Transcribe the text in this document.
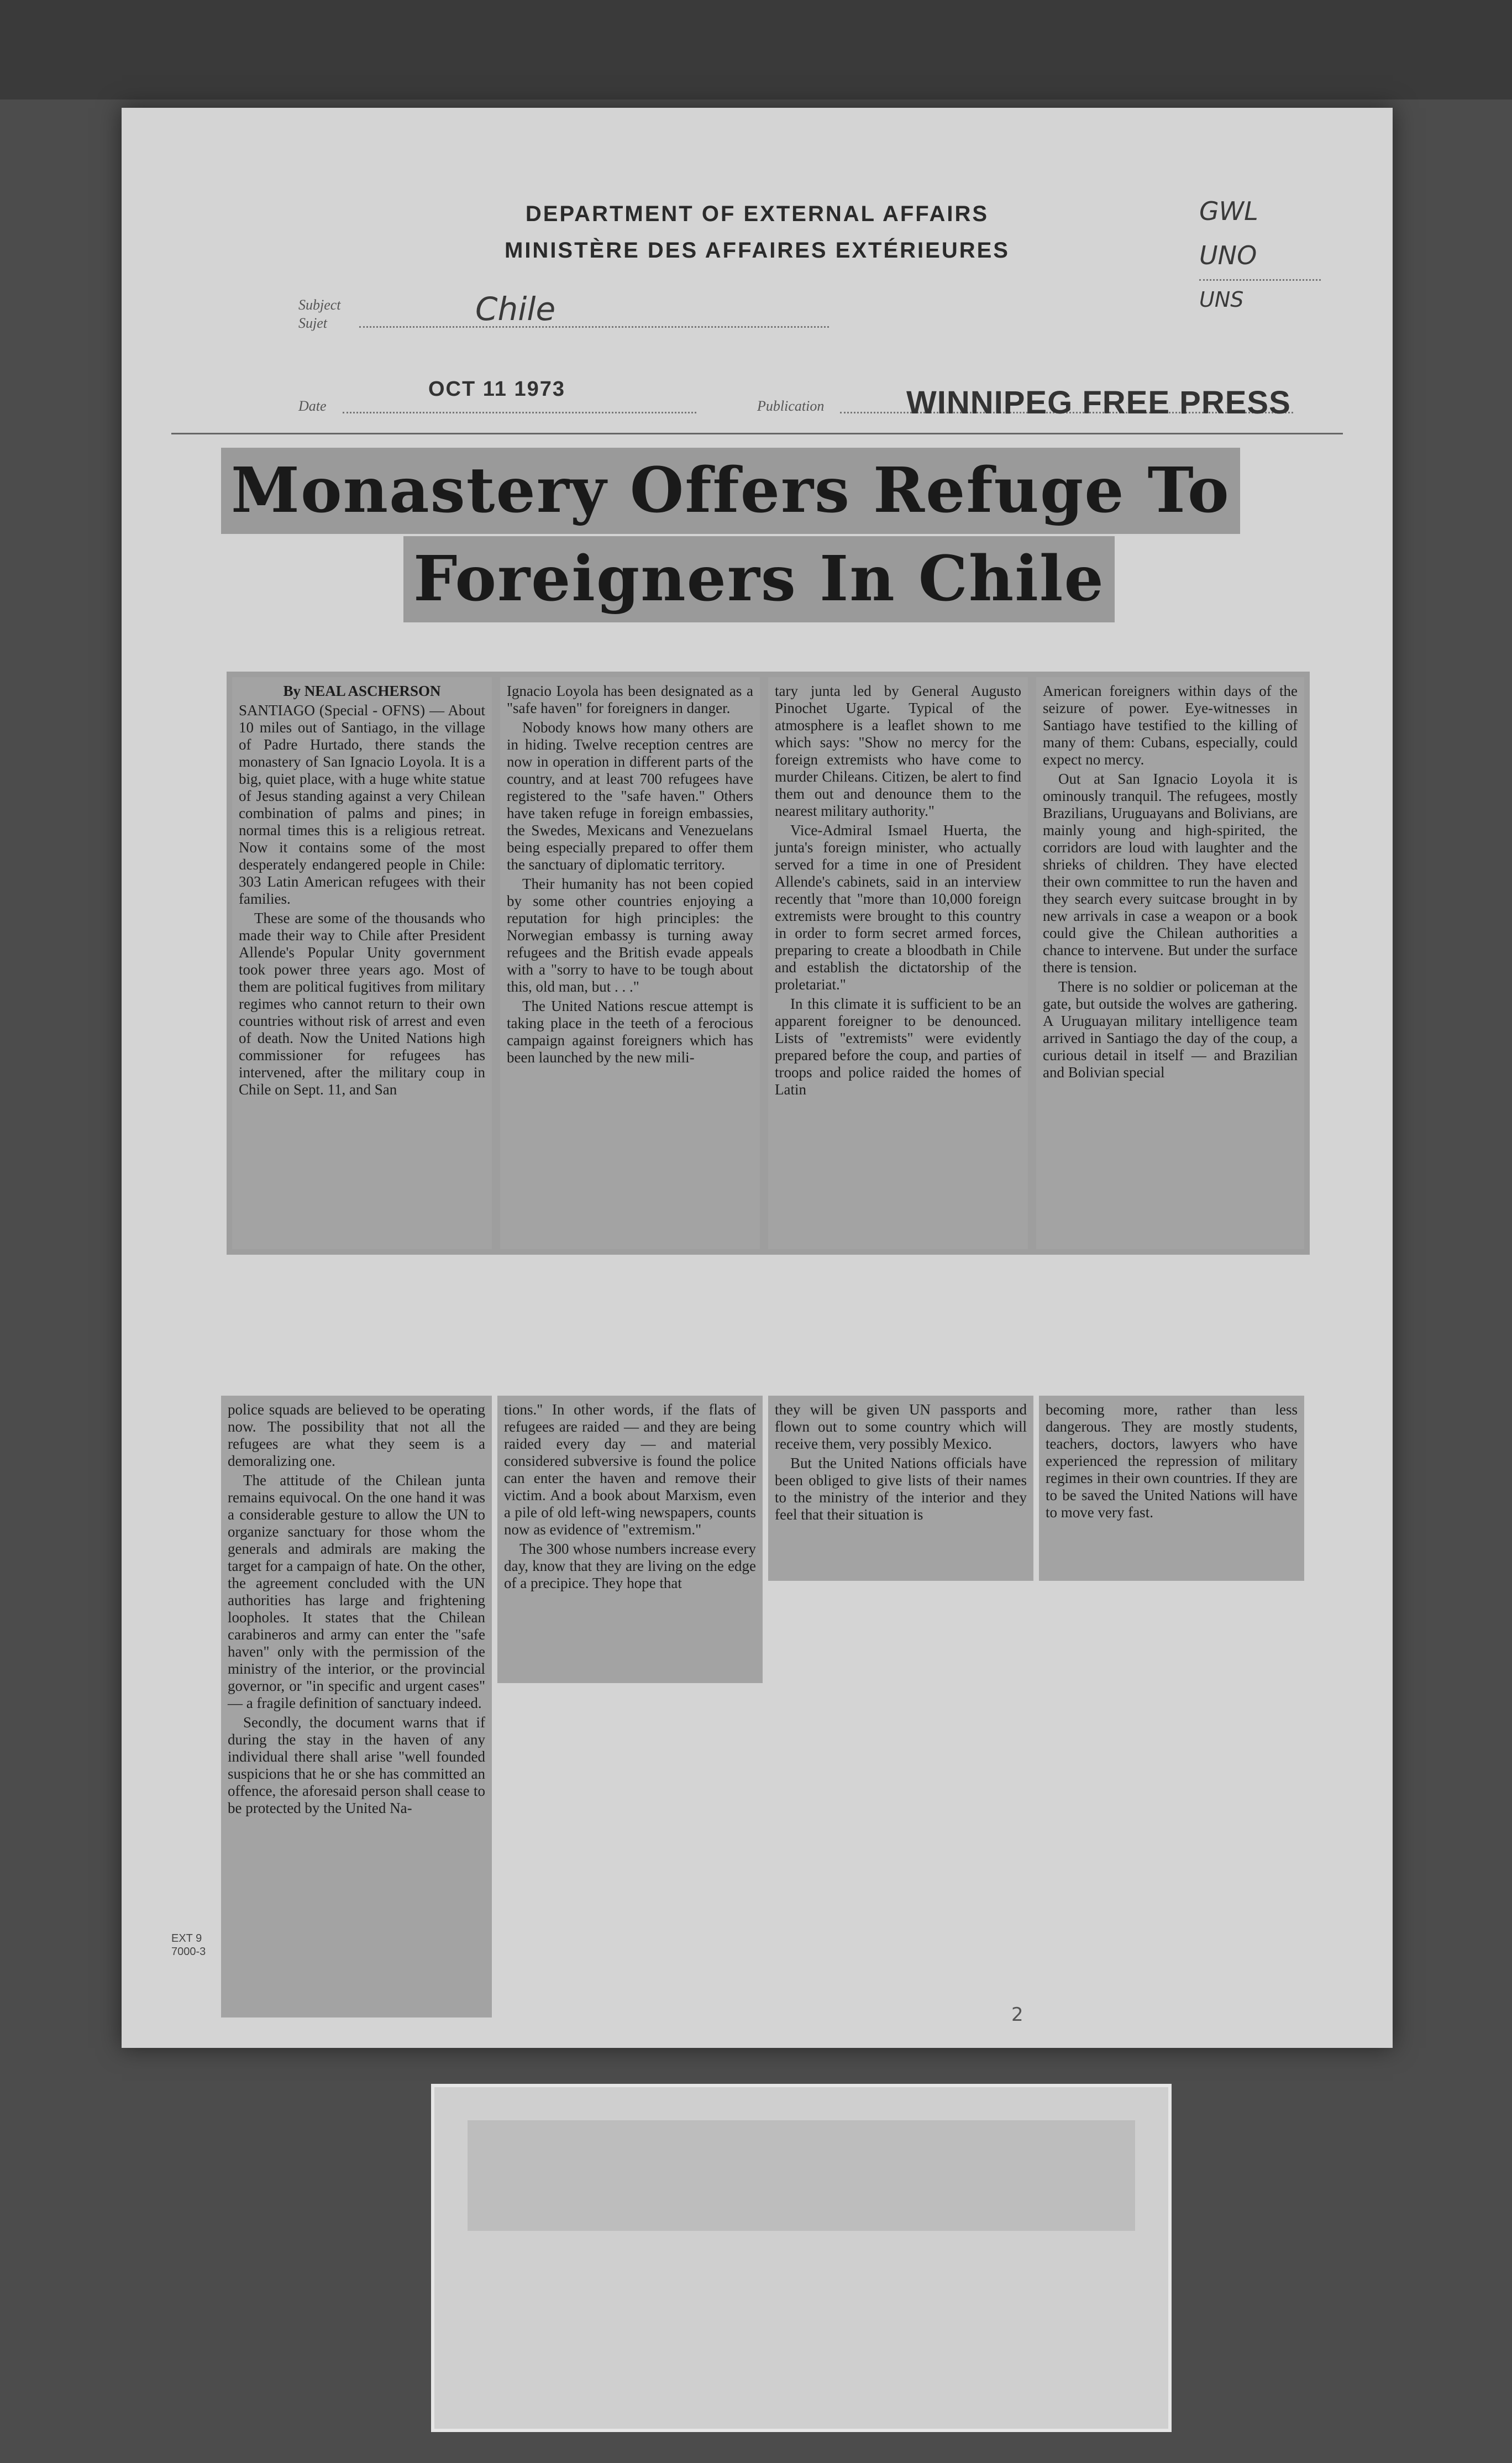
DEPARTMENT OF EXTERNAL AFFAIRS
MINISTÈRE DES AFFAIRES EXTÉRIEURES
GWL
UNO
UNS
Subject
Sujet	Chile
Date
OCT 11 1973
Publication	WINNIPEG FREE PRESS
Monastery Offers Refuge To
Foreigners In Chile

By NEAL ASCHERSON

SANTIAGO (Special - OFNS) — About 10 miles out of Santiago, in the village of Padre Hurtado, there stands the monastery of San Ignacio Loyola. It is a big, quiet place, with a huge white statue of Jesus standing against a very Chilean combination of palms and pines; in normal times this is a religious retreat. Now it contains some of the most desperately endangered people in Chile: 303 Latin American refugees with their families.

These are some of the thousands who made their way to Chile after President Allende's Popular Unity government took power three years ago. Most of them are political fugitives from military regimes who cannot return to their own countries without risk of arrest and even of death. Now the United Nations high commissioner for refugees has intervened, after the military coup in Chile on Sept. 11, and San

Ignacio Loyola has been designated as a "safe haven" for foreigners in danger.

Nobody knows how many others are in hiding. Twelve reception centres are now in operation in different parts of the country, and at least 700 refugees have registered to the "safe haven." Others have taken refuge in foreign embassies, the Swedes, Mexicans and Venezuelans being especially prepared to offer them the sanctuary of diplomatic territory.

Their humanity has not been copied by some other countries enjoying a reputation for high principles: the Norwegian embassy is turning away refugees and the British evade appeals with a "sorry to have to be tough about this, old man, but . . ."

The United Nations rescue attempt is taking place in the teeth of a ferocious campaign against foreigners which has been launched by the new mili-

tary junta led by General Augusto Pinochet Ugarte. Typical of the atmosphere is a leaflet shown to me which says: "Show no mercy for the foreign extremists who have come to murder Chileans. Citizen, be alert to find them out and denounce them to the nearest military authority."

Vice-Admiral Ismael Huerta, the junta's foreign minister, who actually served for a time in one of President Allende's cabinets, said in an interview recently that "more than 10,000 foreign extremists were brought to this country in order to form secret armed forces, preparing to create a bloodbath in Chile and establish the dictatorship of the proletariat."

In this climate it is sufficient to be an apparent foreigner to be denounced. Lists of "extremists" were evidently prepared before the coup, and parties of troops and police raided the homes of Latin

American foreigners within days of the seizure of power. Eye-witnesses in Santiago have testified to the killing of many of them: Cubans, especially, could expect no mercy.

Out at San Ignacio Loyola it is ominously tranquil. The refugees, mostly Brazilians, Uruguayans and Bolivians, are mainly young and high-spirited, the corridors are loud with laughter and the shrieks of children. They have elected their own committee to run the haven and they search every suitcase brought in by new arrivals in case a weapon or a book could give the Chilean authorities a chance to intervene. But under the surface there is tension.

There is no soldier or policeman at the gate, but outside the wolves are gathering. A Uruguayan military intelligence team arrived in Santiago the day of the coup, a curious detail in itself — and Brazilian and Bolivian special

police squads are believed to be operating now. The possibility that not all the refugees are what they seem is a demoralizing one.

The attitude of the Chilean junta remains equivocal. On the one hand it was a considerable gesture to allow the UN to organize sanctuary for those whom the generals and admirals are making the target for a campaign of hate. On the other, the agreement concluded with the UN authorities has large and frightening loopholes. It states that the Chilean carabineros and army can enter the "safe haven" only with the permission of the ministry of the interior, or the provincial governor, or "in specific and urgent cases" — a fragile definition of sanctuary indeed.

Secondly, the document warns that if during the stay in the haven of any individual there shall arise "well founded suspicions that he or she has committed an offence, the aforesaid person shall cease to be protected by the United Na-

tions." In other words, if the flats of refugees are raided — and they are being raided every day — and material considered subversive is found the police can enter the haven and remove their victim. And a book about Marxism, even a pile of old left-wing newspapers, counts now as evidence of "extremism."

The 300 whose numbers increase every day, know that they are living on the edge of a precipice. They hope that

they will be given UN passports and flown out to some country which will receive them, very possibly Mexico.

But the United Nations officials have been obliged to give lists of their names to the ministry of the interior and they feel that their situation is

becoming more, rather than less dangerous. They are mostly students, teachers, doctors, lawyers who have experienced the repression of military regimes in their own countries. If they are to be saved the United Nations will have to move very fast.

EXT 9
7000-3
2
